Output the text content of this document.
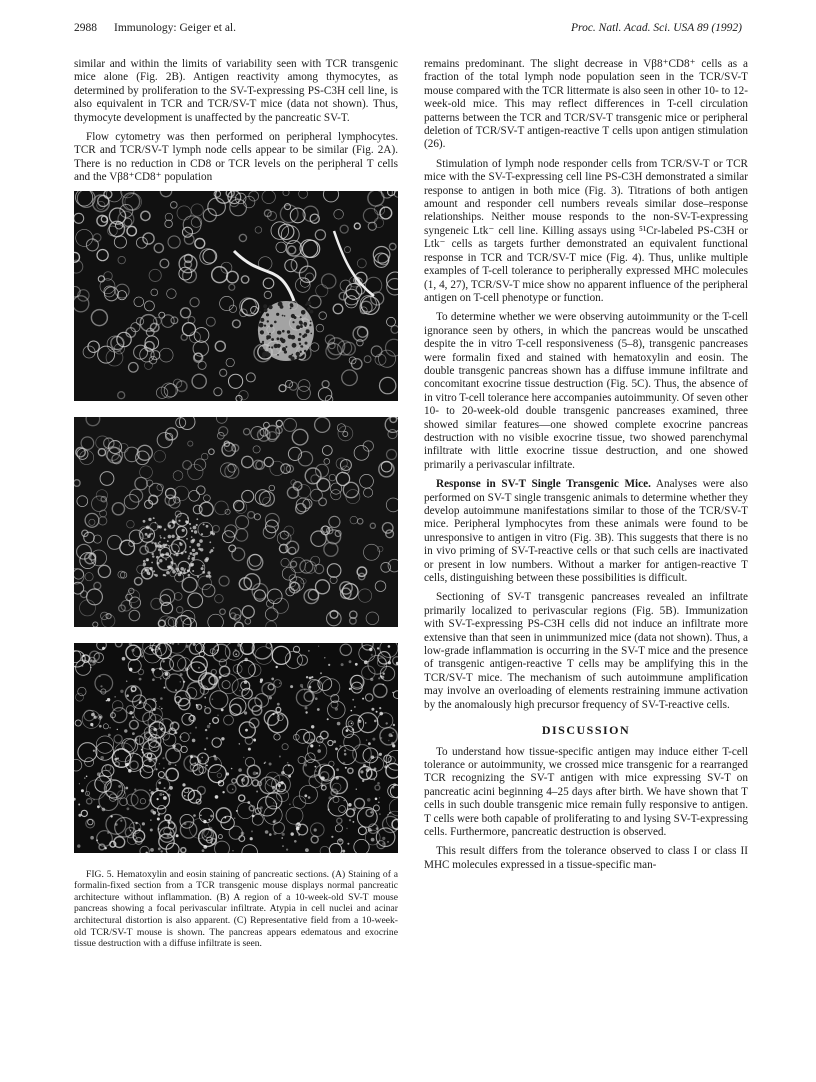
2988 Immunology: Geiger et al.	Proc. Natl. Acad. Sci. USA 89 (1992)

similar and within the limits of variability seen with TCR transgenic mice alone (Fig. 2B). Antigen reactivity among thymocytes, as determined by proliferation to the SV-T-expressing PS-C3H cell line, is also equivalent in TCR and TCR/SV-T mice (data not shown). Thus, thymocyte development is unaffected by the pancreatic SV-T.

Flow cytometry was then performed on peripheral lymphocytes. TCR and TCR/SV-T lymph node cells appear to be similar (Fig. 2A). There is no reduction in CD8 or TCR levels on the peripheral T cells and the Vβ8⁺CD8⁺ population

FIG. 5. Hematoxylin and eosin staining of pancreatic sections. (A) Staining of a formalin-fixed section from a TCR transgenic mouse displays normal pancreatic architecture without inflammation. (B) A region of a 10-week-old SV-T mouse pancreas showing a focal perivascular infiltrate. Atypia in cell nuclei and acinar architectural distortion is also apparent. (C) Representative field from a 10-week-old TCR/SV-T mouse is shown. The pancreas appears edematous and exocrine tissue destruction with a diffuse infiltrate is seen.

remains predominant. The slight decrease in Vβ8⁺CD8⁺ cells as a fraction of the total lymph node population seen in the TCR/SV-T mouse compared with the TCR littermate is also seen in other 10- to 12-week-old mice. This may reflect differences in T-cell circulation patterns between the TCR and TCR/SV-T transgenic mice or peripheral deletion of TCR/SV-T antigen-reactive T cells upon antigen stimulation (26).

Stimulation of lymph node responder cells from TCR/SV-T or TCR mice with the SV-T-expressing cell line PS-C3H demonstrated a similar response to antigen in both mice (Fig. 3). Titrations of both antigen amount and responder cell numbers reveals similar dose–response relationships. Neither mouse responds to the non-SV-T-expressing syngeneic Ltk⁻ cell line. Killing assays using ⁵¹Cr-labeled PS-C3H or Ltk⁻ cells as targets further demonstrated an equivalent functional response in TCR and TCR/SV-T mice (Fig. 4). Thus, unlike multiple examples of T-cell tolerance to peripherally expressed MHC molecules (1, 4, 27), TCR/SV-T mice show no apparent influence of the peripheral antigen on T-cell phenotype or function.

To determine whether we were observing autoimmunity or the T-cell ignorance seen by others, in which the pancreas would be unscathed despite the in vitro T-cell responsiveness (5–8), transgenic pancreases were formalin fixed and stained with hematoxylin and eosin. The double transgenic pancreas shown has a diffuse immune infiltrate and concomitant exocrine tissue destruction (Fig. 5C). Thus, the absence of in vitro T-cell tolerance here accompanies autoimmunity. Of seven other 10- to 20-week-old double transgenic pancreases examined, three showed similar features—one showed complete exocrine pancreas destruction with no visible exocrine tissue, two showed parenchymal infiltrate with little exocrine tissue destruction, and one showed primarily a perivascular infiltrate.

Response in SV-T Single Transgenic Mice. Analyses were also performed on SV-T single transgenic animals to determine whether they develop autoimmune manifestations similar to those of the TCR/SV-T mice. Peripheral lymphocytes from these animals were found to be unresponsive to antigen in vitro (Fig. 3B). This suggests that there is no in vivo priming of SV-T-reactive cells or that such cells are inactivated or present in low numbers. Without a marker for antigen-reactive T cells, distinguishing between these possibilities is difficult.

Sectioning of SV-T transgenic pancreases revealed an infiltrate primarily localized to perivascular regions (Fig. 5B). Immunization with SV-T-expressing PS-C3H cells did not induce an infiltrate more extensive than that seen in unimmunized mice (data not shown). Thus, a low-grade inflammation is occurring in the SV-T mice and the presence of transgenic antigen-reactive T cells may be amplifying this in the TCR/SV-T mice. The mechanism of such autoimmune amplification may involve an overloading of elements restraining immune activation by the anomalously high precursor frequency of SV-T-reactive cells.

DISCUSSION

To understand how tissue-specific antigen may induce either T-cell tolerance or autoimmunity, we crossed mice transgenic for a rearranged TCR recognizing the SV-T antigen with mice expressing SV-T on pancreatic acini beginning 4–25 days after birth. We have shown that T cells in such double transgenic mice remain fully responsive to antigen. T cells were both capable of proliferating to and lysing SV-T-expressing cells. Furthermore, pancreatic destruction is observed.

This result differs from the tolerance observed to class I or class II MHC molecules expressed in a tissue-specific man-
